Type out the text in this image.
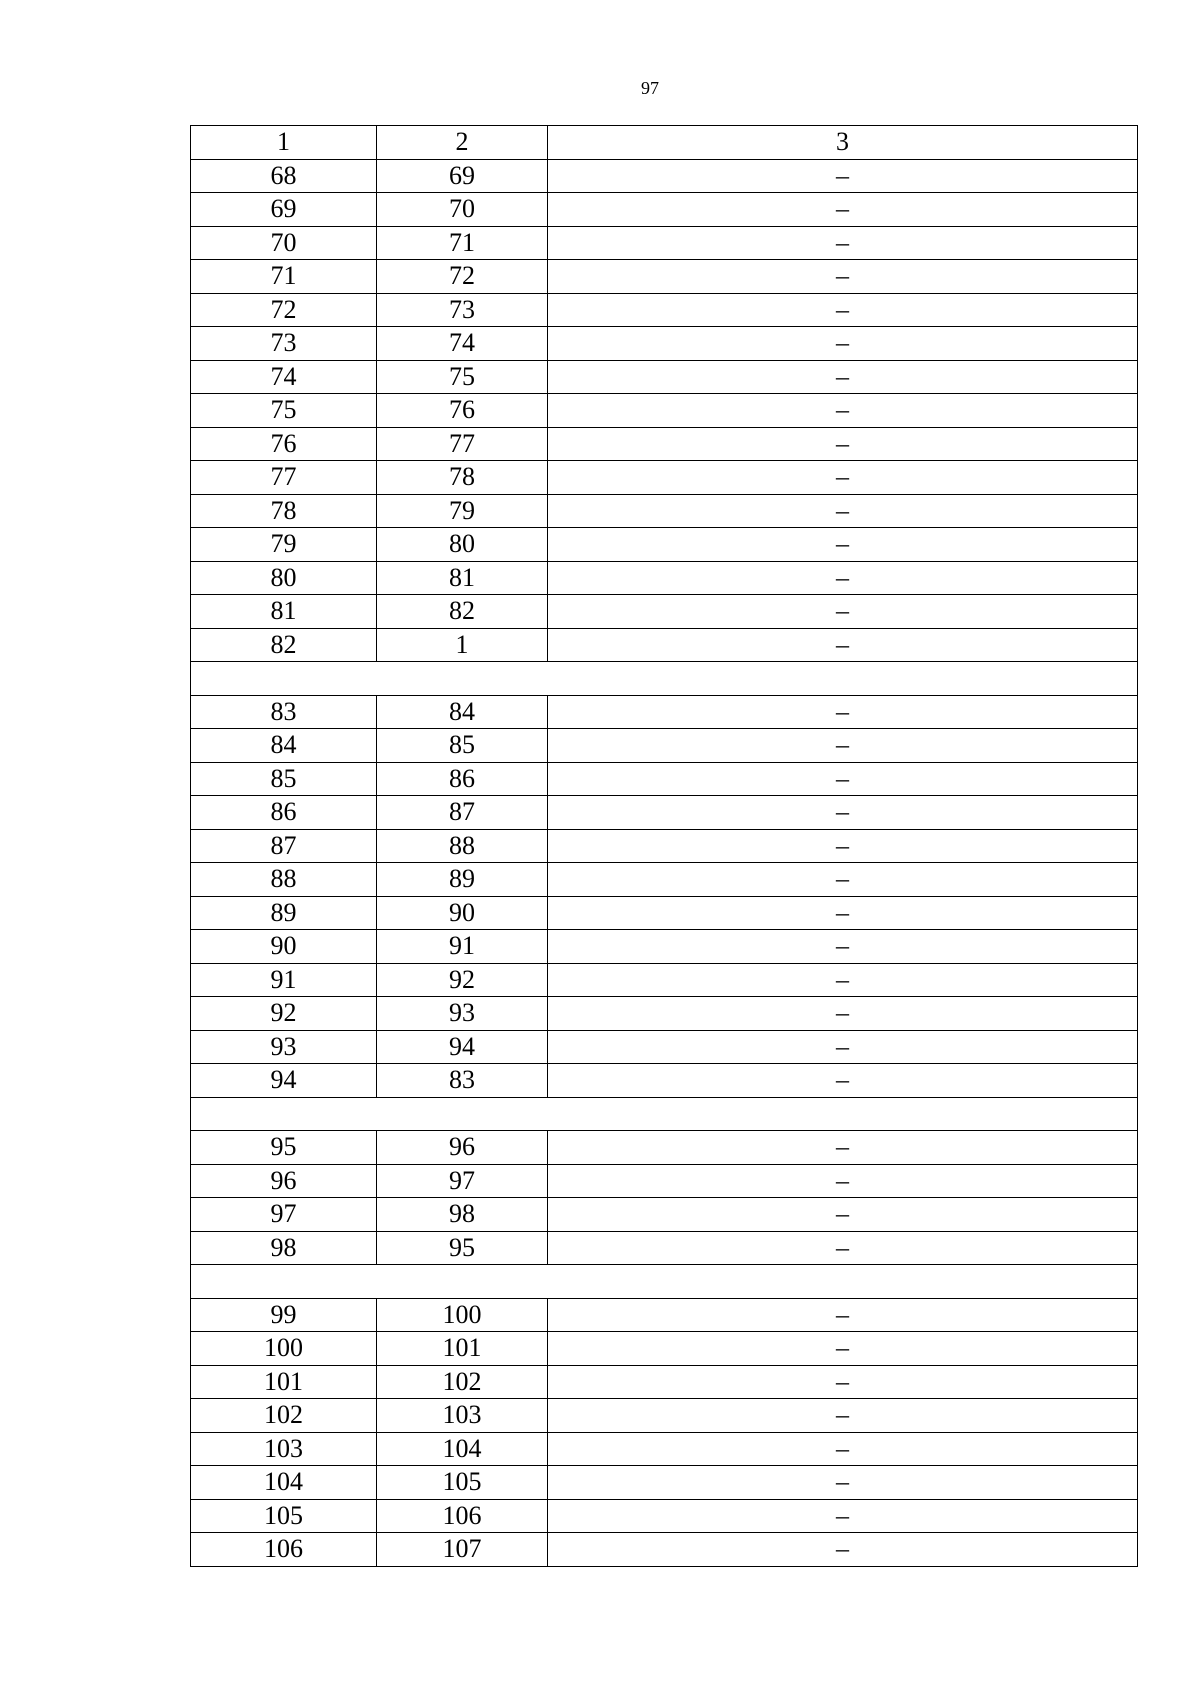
97
1	2	3
68	69	–
69	70	–
70	71	–
71	72	–
72	73	–
73	74	–
74	75	–
75	76	–
76	77	–
77	78	–
78	79	–
79	80	–
80	81	–
81	82	–
82	1	–

83	84	–
84	85	–
85	86	–
86	87	–
87	88	–
88	89	–
89	90	–
90	91	–
91	92	–
92	93	–
93	94	–
94	83	–

95	96	–
96	97	–
97	98	–
98	95	–

99	100	–
100	101	–
101	102	–
102	103	–
103	104	–
104	105	–
105	106	–
106	107	–
